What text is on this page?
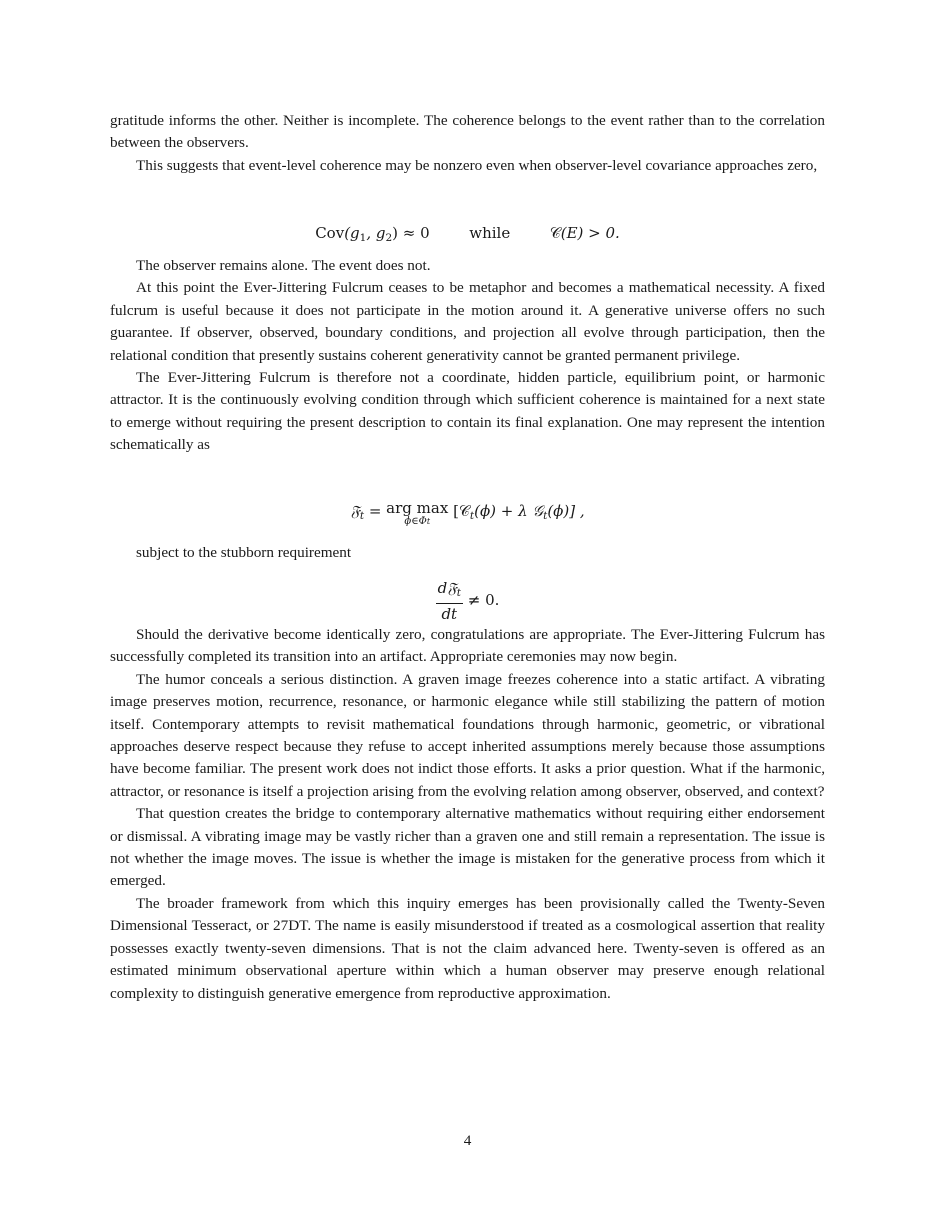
gratitude informs the other. Neither is incomplete. The coherence belongs to the event rather than to the correlation between the observers.

This suggests that event-level coherence may be nonzero even when observer-level covariance approaches zero,

$Cov(g_1$, $g_2) \approx 0$	while	𝒞(E) > 0.

The observer remains alone. The event does not.

At this point the Ever-Jittering Fulcrum ceases to be metaphor and becomes a mathematical necessity. A fixed fulcrum is useful because it does not participate in the motion around it. A generative universe offers no such guarantee. If observer, observed, boundary conditions, and projection all evolve through participation, then the relational condition that presently sustains coherent generativity cannot be granted permanent privilege.

The Ever-Jittering Fulcrum is therefore not a coordinate, hidden particle, equilibrium point, or harmonic attractor. It is the continuously evolving condition through which sufficient coherence is maintained for a next state to emerge without requiring the present description to contain its final explanation. One may represent the intention schematically as

𝔉$_t$ = arg max
ϕ∈Φt
[𝒞$_t$(ϕ) + λ 𝒢$_t$(ϕ)] ,

subject to the stubborn requirement

$\frac{d𝔉_t}{dt} \ne 0$.

Should the derivative become identically zero, congratulations are appropriate. The Ever-Jittering Fulcrum has successfully completed its transition into an artifact. Appropriate ceremonies may now begin.

The humor conceals a serious distinction. A graven image freezes coherence into a static artifact. A vibrating image preserves motion, recurrence, resonance, or harmonic elegance while still stabilizing the pattern of motion itself. Contemporary attempts to revisit mathematical foundations through harmonic, geometric, or vibrational approaches deserve respect because they refuse to accept inherited assumptions merely because those assumptions have become familiar. The present work does not indict those efforts. It asks a prior question. What if the harmonic, attractor, or resonance is itself a projection arising from the evolving relation among observer, observed, and context?

That question creates the bridge to contemporary alternative mathematics without requiring either endorsement or dismissal. A vibrating image may be vastly richer than a graven one and still remain a representation. The issue is not whether the image moves. The issue is whether the image is mistaken for the generative process from which it emerged.

The broader framework from which this inquiry emerges has been provisionally called the Twenty-Seven Dimensional Tesseract, or 27DT. The name is easily misunderstood if treated as a cosmological assertion that reality possesses exactly twenty-seven dimensions. That is not the claim advanced here. Twenty-seven is offered as an estimated minimum observational aperture within which a human observer may preserve enough relational complexity to distinguish generative emergence from reproductive approximation.

4
